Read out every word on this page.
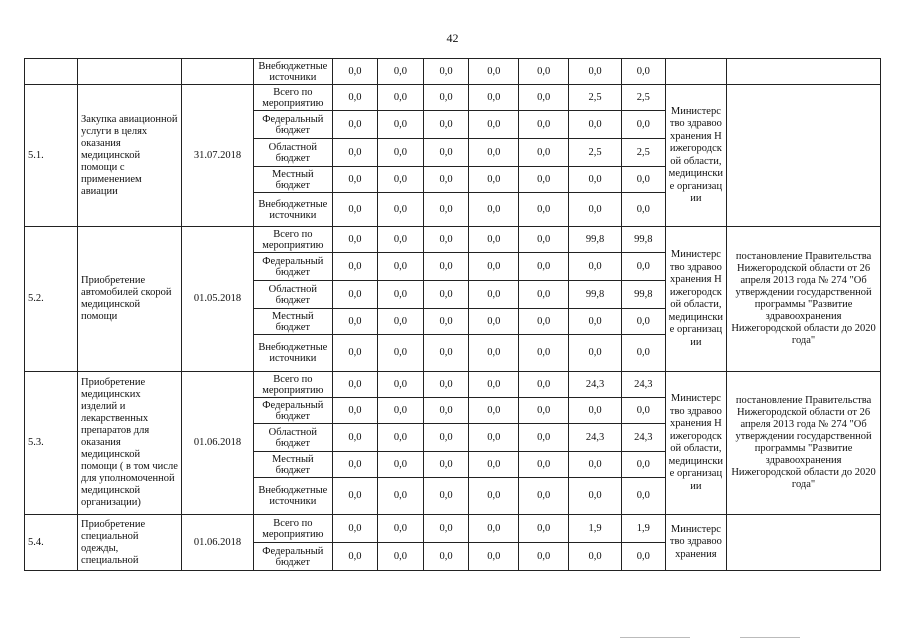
42
			Внебюджетные источники	0,0	0,0	0,0	0,0	0,0	0,0	0,0		
5.1.	Закупка авиационной услуги в целях оказания медицинской помощи с применением авиации	31.07.2018	Всего по мероприятию	0,0	0,0	0,0	0,0	0,0	2,5	2,5	Министерство здравоохранения Нижегородской области, медицинские организации	
			Федеральный бюджет	0,0	0,0	0,0	0,0	0,0	0,0	0,0		
			Областной бюджет	0,0	0,0	0,0	0,0	0,0	2,5	2,5		
			Местный бюджет	0,0	0,0	0,0	0,0	0,0	0,0	0,0		
			Внебюджетные источники	0,0	0,0	0,0	0,0	0,0	0,0	0,0		
5.2.	Приобретение автомобилей скорой медицинской помощи	01.05.2018	Всего по мероприятию	0,0	0,0	0,0	0,0	0,0	99,8	99,8	Министерство здравоохранения Нижегородской области, медицинские организации	постановление Правительства Нижегородской области от 26 апреля 2013 года № 274 "Об утверждении государственной программы "Развитие здравоохранения Нижегородской области до 2020 года"
			Федеральный бюджет	0,0	0,0	0,0	0,0	0,0	0,0	0,0		
			Областной бюджет	0,0	0,0	0,0	0,0	0,0	99,8	99,8		
			Местный бюджет	0,0	0,0	0,0	0,0	0,0	0,0	0,0		
			Внебюджетные источники	0,0	0,0	0,0	0,0	0,0	0,0	0,0		
5.3.	Приобретение медицинских изделий и лекарственных препаратов для оказания медицинской помощи ( в том числе для уполномоченной медицинской организации)	01.06.2018	Всего по мероприятию	0,0	0,0	0,0	0,0	0,0	24,3	24,3	Министерство здравоохранения Нижегородской области, медицинские организации	постановление Правительства Нижегородской области от 26 апреля 2013 года № 274 "Об утверждении государственной программы "Развитие здравоохранения Нижегородской области до 2020 года"
			Федеральный бюджет	0,0	0,0	0,0	0,0	0,0	0,0	0,0		
			Областной бюджет	0,0	0,0	0,0	0,0	0,0	24,3	24,3		
			Местный бюджет	0,0	0,0	0,0	0,0	0,0	0,0	0,0		
			Внебюджетные источники	0,0	0,0	0,0	0,0	0,0	0,0	0,0		
5.4.	Приобретение специальной одежды, специальной	01.06.2018	Всего по мероприятию	0,0	0,0	0,0	0,0	0,0	1,9	1,9	Министерство здравоохранения	
			Федеральный бюджет	0,0	0,0	0,0	0,0	0,0	0,0	0,0		
